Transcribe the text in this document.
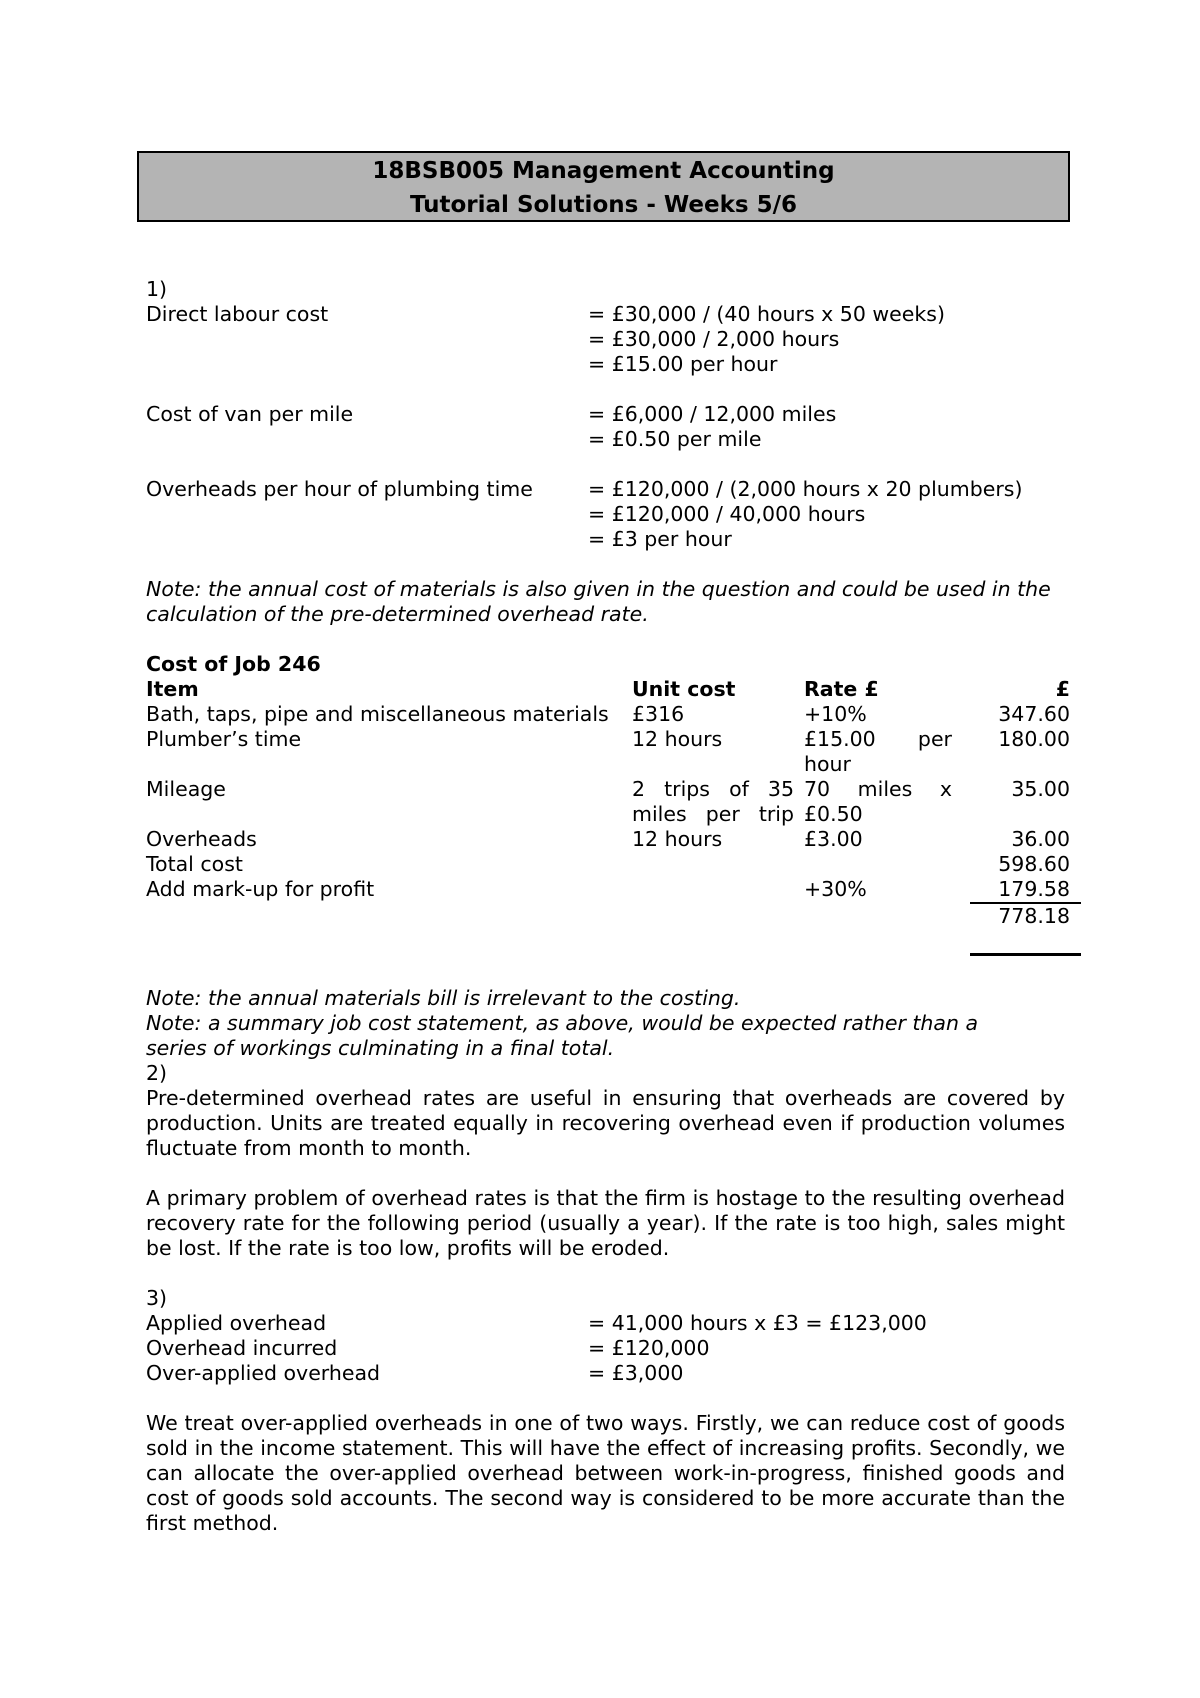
18BSB005 Management Accounting
Tutorial Solutions - Weeks 5/6
1)
Direct labour cost	= £30,000 / (40 hours x 50 weeks)
= £30,000 / 2,000 hours
= £15.00 per hour
Cost of van per mile	= £6,000 / 12,000 miles
= £0.50 per mile
Overheads per hour of plumbing time	= £120,000 / (2,000 hours x 20 plumbers)
= £120,000 / 40,000 hours
= £3 per hour
Note: the annual cost of materials is also given in the question and could be used in the calculation of the pre-determined overhead rate.
Cost of Job 246
Item	Unit cost	Rate £	£
Bath, taps, pipe and miscellaneous materials	£316	+10%	347.60
Plumber’s time	12 hours	£15.00 per hour	180.00
Mileage	2 trips of 35 miles per trip	70 miles x £0.50	35.00
Overheads	12 hours	£3.00	36.00
Total cost			598.60
Add mark-up for profit		+30%	179.58
			778.18

Note: the annual materials bill is irrelevant to the costing.
Note: a summary job cost statement, as above, would be expected rather than a series of workings culminating in a final total.
2)
Pre-determined overhead rates are useful in ensuring that overheads are covered by production. Units are treated equally in recovering overhead even if production volumes fluctuate from month to month.
A primary problem of overhead rates is that the firm is hostage to the resulting overhead recovery rate for the following period (usually a year). If the rate is too high, sales might be lost. If the rate is too low, profits will be eroded.
3)
Applied overhead	= 41,000 hours x £3 = £123,000
Overhead incurred	= £120,000
Over-applied overhead	= £3,000
We treat over-applied overheads in one of two ways. Firstly, we can reduce cost of goods sold in the income statement. This will have the effect of increasing profits. Secondly, we can allocate the over-applied overhead between work-in-progress, finished goods and cost of goods sold accounts. The second way is considered to be more accurate than the first method.
